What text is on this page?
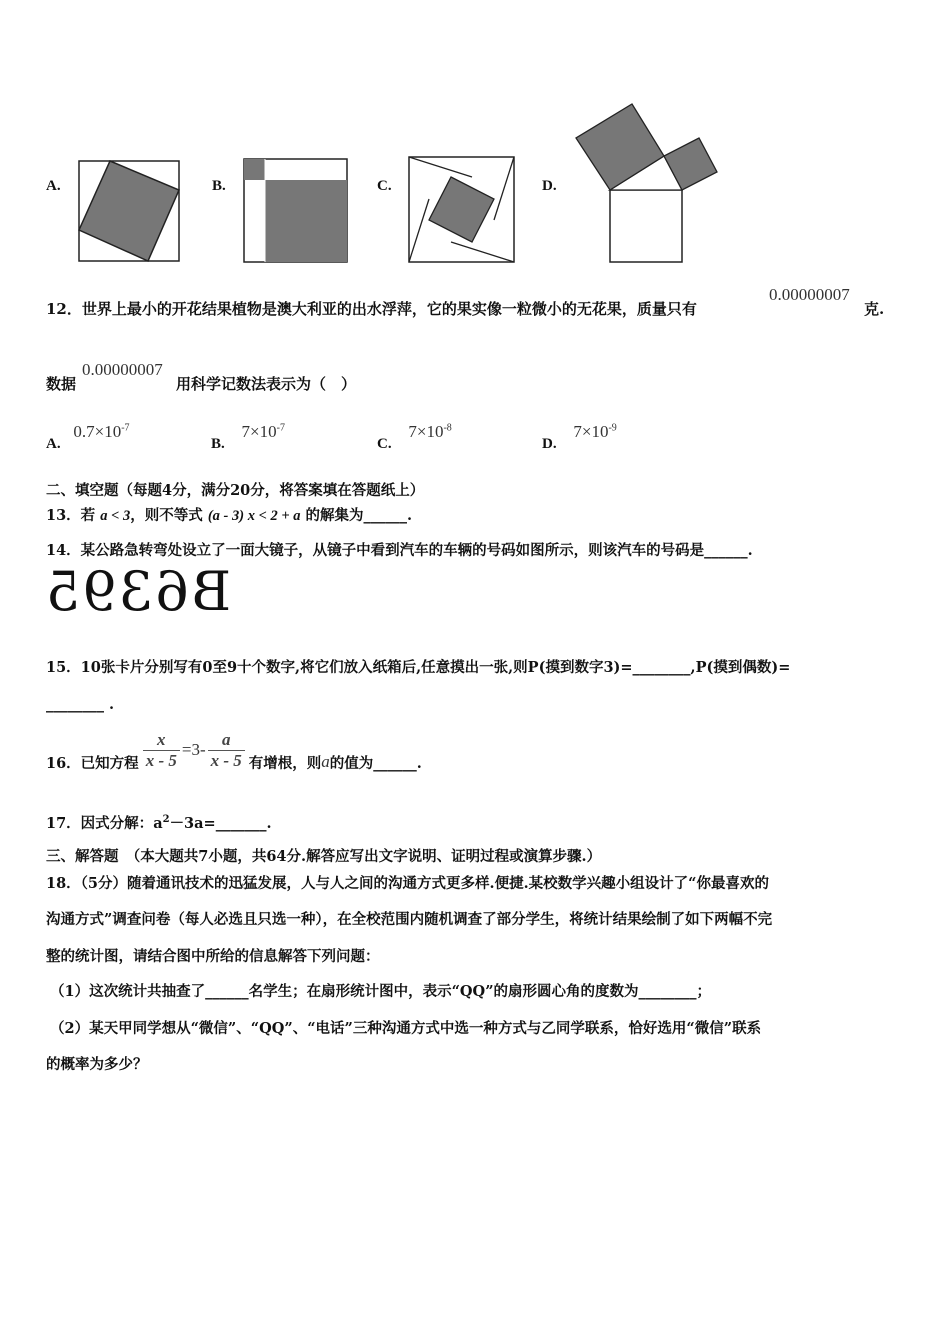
A.	B.	C.	D.
12．世界上最小的开花结果植物是澳大利亚的出水浮萍，它的果实像一粒微小的无花果，质量只有
0.00000007
克.
数据
0.00000007
用科学记数法表示为（　）
A. $0.7\times 10^{-7}$
B. $7\times 10^{-7}$
C. $7\times 10^{-8}$
D. $7\times 10^{-9}$
二、填空题（每题4分，满分20分，将答案填在答题纸上）
13．若 a < 3，则不等式 (a - 3) x < 2 + a 的解集为______.
14．某公路急转弯处设立了一面大镜子，从镜子中看到汽车的车辆的号码如图所示，则该汽车的号码是______.
B6395
15．10张卡片分别写有0至9十个数字,将它们放入纸箱后,任意摸出一张,则P(摸到数字3)=________,P(摸到偶数)=
________ .
16．已知方程 $\frac{x}{x - 5} =3- \frac{a}{x - 5}$ 有增根，则 a 的值为______.
17．因式分解：$a^2-3a=\_\_\_\_\_\_\_$.
三、解答题　（本大题共7小题，共64分.解答应写出文字说明、证明过程或演算步骤.）
18．（5分）随着通讯技术的迅猛发展，人与人之间的沟通方式更多样.便捷.某校数学兴趣小组设计了“你最喜欢的
沟通方式”调查问卷（每人必选且只选一种），在全校范围内随机调查了部分学生，将统计结果绘制了如下两幅不完
整的统计图，请结合图中所给的信息解答下列问题：
（1）这次统计共抽查了______名学生；在扇形统计图中，表示“QQ”的扇形圆心角的度数为________；
（2）某天甲同学想从“微信”、“QQ”、“电话”三种沟通方式中选一种方式与乙同学联系，恰好选用“微信”联系
的概率为多少？
